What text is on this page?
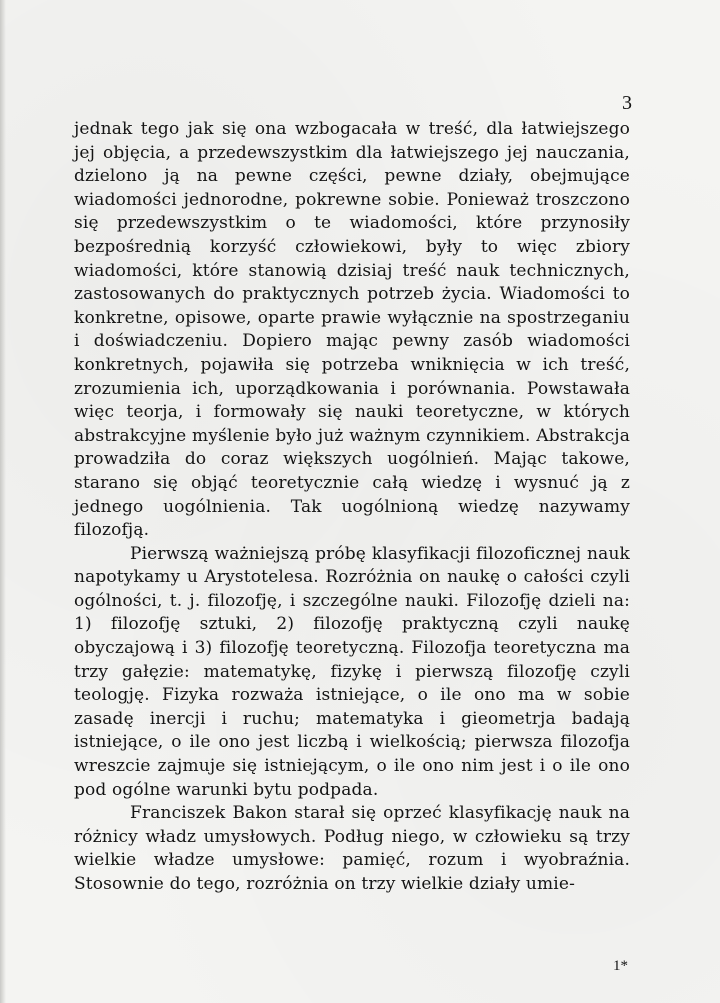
3

jednak tego jak się ona wzbogacała w treść, dla łatwiejszego jej objęcia, a przedewszystkim dla łatwiejszego jej nauczania, dzielono ją na pewne części, pewne działy, obejmujące wiadomości jednorodne, pokrewne sobie. Ponieważ troszczono się przedewszystkim o te wiadomości, które przynosiły bezpośrednią korzyść człowiekowi, były to więc zbiory wiadomości, które stanowią dzisiaj treść nauk technicznych, zastosowanych do praktycznych potrzeb życia. Wiadomości to konkretne, opisowe, oparte prawie wyłącznie na spostrzeganiu i doświadczeniu. Dopiero mając pewny zasób wiadomości konkretnych, pojawiła się potrzeba wniknięcia w ich treść, zrozumienia ich, uporządkowania i porównania. Powstawała więc teorja, i formowały się nauki teoretyczne, w których abstrakcyjne myślenie było już ważnym czynnikiem. Abstrakcja prowadziła do coraz większych uogólnień. Mając takowe, starano się objąć teoretycznie całą wiedzę i wysnuć ją z jednego uogólnienia. Tak uogólnioną wiedzę nazywamy filozofją.

Pierwszą ważniejszą próbę klasyfikacji filozoficznej nauk napotykamy u Arystotelesa. Rozróżnia on naukę o całości czyli ogólności, t. j. filozofję, i szczególne nauki. Filozofję dzieli na: 1) filozofję sztuki, 2) filozofję praktyczną czyli naukę obyczajową i 3) filozofję teoretyczną. Filozofja teoretyczna ma trzy gałęzie: matematykę, fizykę i pierwszą filozofję czyli teologję. Fizyka rozważa istniejące, o ile ono ma w sobie zasadę inercji i ruchu; matematyka i gieometrja badają istniejące, o ile ono jest liczbą i wielkością; pierwsza filozofja wreszcie zajmuje się istniejącym, o ile ono nim jest i o ile ono pod ogólne warunki bytu podpada.

Franciszek Bakon starał się oprzeć klasyfikację nauk na różnicy władz umysłowych. Podług niego, w człowieku są trzy wielkie władze umysłowe: pamięć, rozum i wyobraźnia. Stosownie do tego, rozróżnia on trzy wielkie działy umie-

1*
